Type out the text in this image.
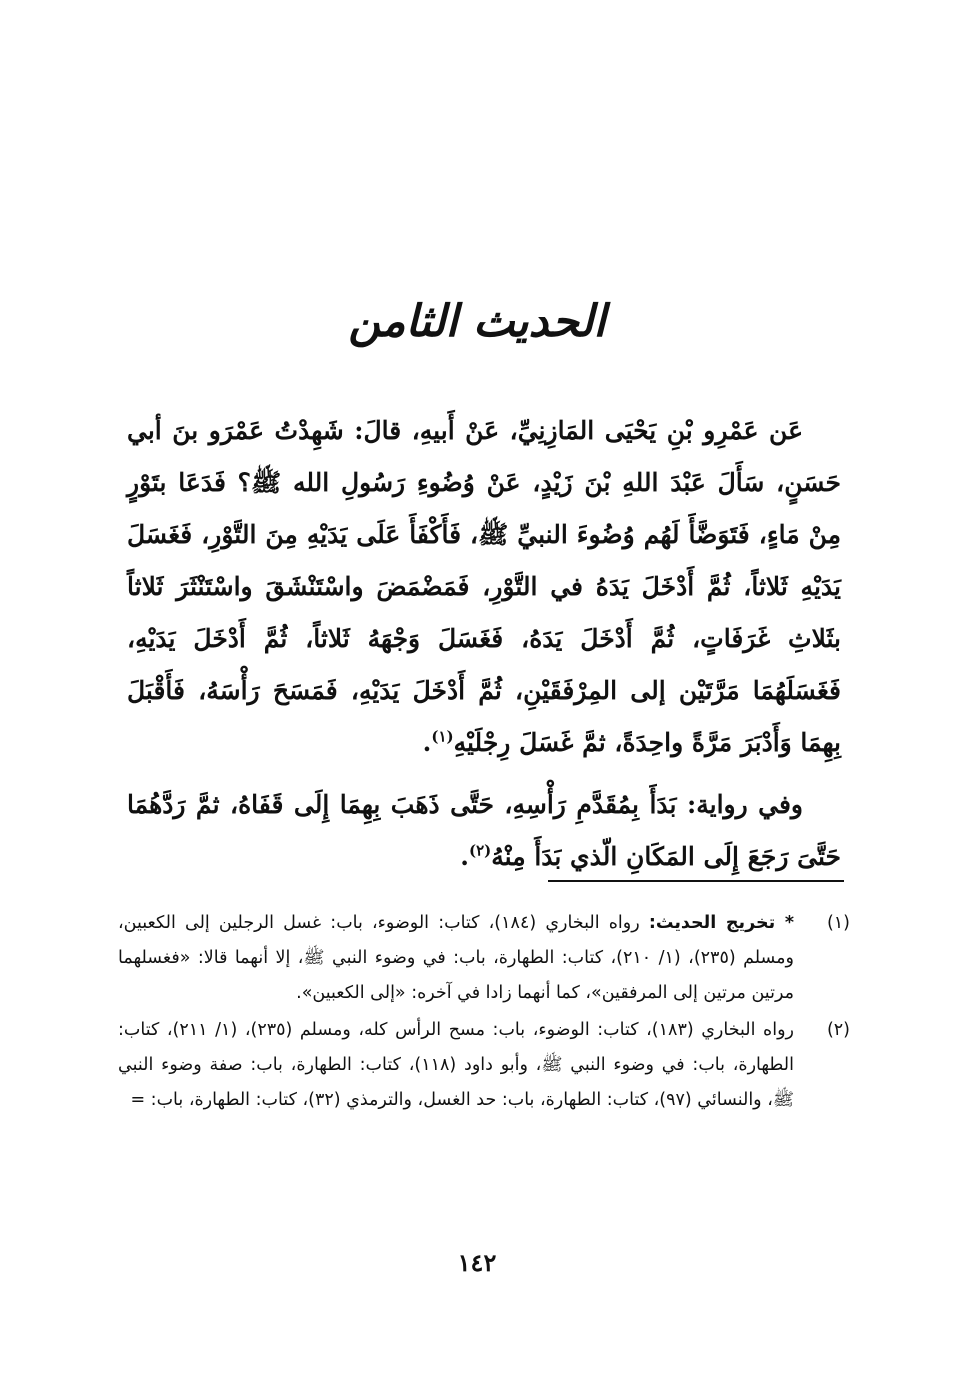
الحديث الثامن

عَن عَمْرِو بْنِ يَحْيَى المَازِنِيِّ، عَنْ أَبيهِ، قالَ: شَهِدْتُ عَمْرَو بنَ أبي حَسَنٍ، سَأَلَ عَبْدَ اللهِ بْنَ زَيْدٍ، عَنْ وُضُوءِ رَسُولِ الله ﷺ؟ فَدَعَا بتَوْرٍ مِنْ مَاءٍ، فَتَوَضَّأَ لَهُم وُضُوءَ النبيِّ ﷺ، فَأَكْفَأَ عَلَى يَدَيْهِ مِنَ التَّوْرِ، فَغَسَلَ يَدَيْهِ ثَلاثاً، ثُمَّ أَدْخَلَ يَدَهُ في التَّوْرِ، فَمَضْمَضَ واسْتَنْشَقَ واسْتَنْثَرَ ثَلاثاً بثَلاثِ غَرَفَاتٍ، ثُمَّ أَدْخَلَ يَدَهُ، فَغَسَلَ وَجْهَهُ ثَلاثاً، ثُمَّ أَدْخَلَ يَدَيْهِ، فَغَسَلَهُمَا مَرَّتَيْن إلى المِرْفَقَيْنِ، ثُمَّ أَدْخَلَ يَدَيْهِ، فَمَسَحَ رَأْسَهُ، فَأَقْبَلَ بِهِمَا وَأَدْبَرَ مَرَّةً واحِدَةً، ثمَّ غَسَلَ رِجْلَيْهِ$^{(١)}$.

وفي رواية: بَدَأَ بِمُقَدَّمِ رَأْسِهِ، حَتَّى ذَهَبَ بِهِمَا إِلَى قَفَاهُ، ثمَّ رَدَّهُمَا حَتَّىَ رَجَعَ إِلَى المَكَانِ الّذي بَدَأَ مِنْهُ$^{(٢)}$.

(١)
* تخريج الحديث: رواه البخاري (١٨٤)، كتاب: الوضوء، باب: غسل الرجلين إلى الكعبين، ومسلم (٢٣٥)، (١/ ٢١٠)، كتاب: الطهارة، باب: في وضوء النبي ﷺ، إلا أنهما قالا: «فغسلهما مرتين مرتين إلى المرفقين»، كما أنهما زادا في آخره: «إلى الكعبين».
(٢)
رواه البخاري (١٨٣)، كتاب: الوضوء، باب: مسح الرأس كله، ومسلم (٢٣٥)، (١/ ٢١١)، كتاب: الطهارة، باب: في وضوء النبي ﷺ، وأبو داود (١١٨)، كتاب: الطهارة، باب: صفة وضوء النبي ﷺ، والنسائي (٩٧)، كتاب: الطهارة، باب: حد الغسل، والترمذي (٣٢)، كتاب: الطهارة، باب: =
١٤٢
